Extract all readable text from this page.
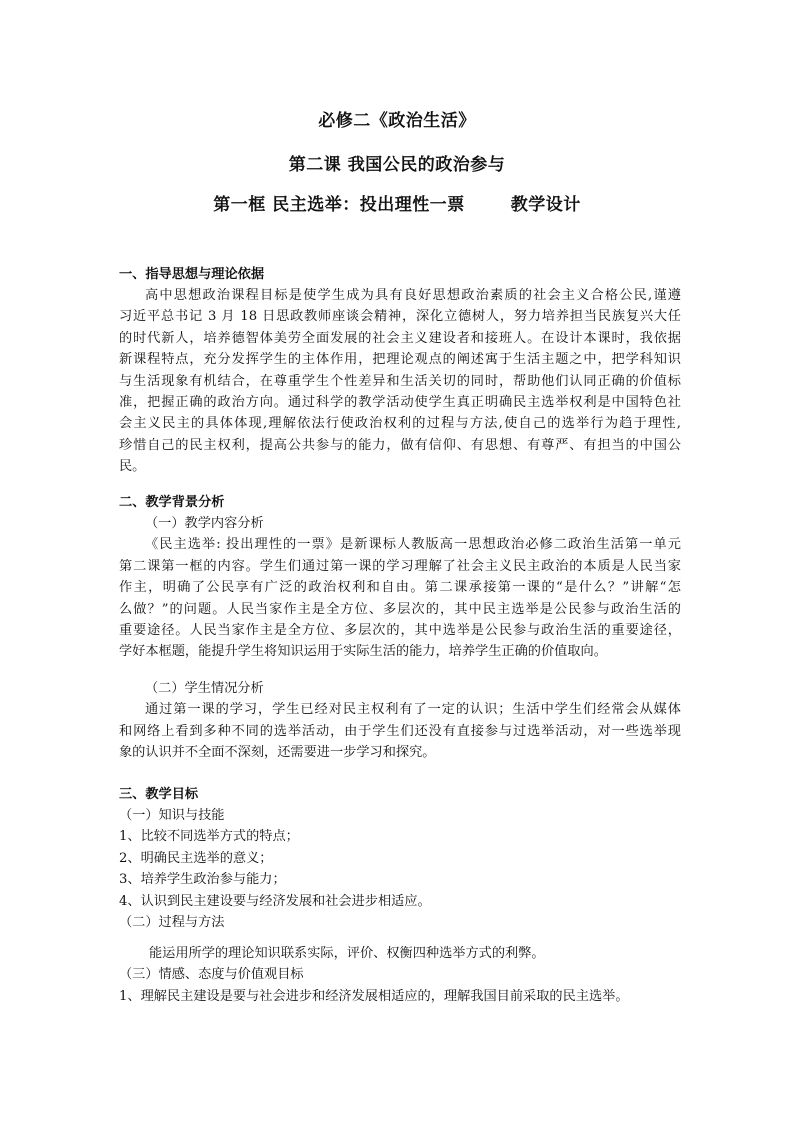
必修二《政治生活》
第二课 我国公民的政治参与
第一框 民主选举：投出理性一票	教学设计
一、指导思想与理论依据
高中思想政治课程目标是使学生成为具有良好思想政治素质的社会主义合格公民,谨遵
习近平总书记 3 月 18 日思政教师座谈会精神，深化立德树人，努力培养担当民族复兴大任
的时代新人，培养德智体美劳全面发展的社会主义建设者和接班人。在设计本课时，我依据
新课程特点，充分发挥学生的主体作用，把理论观点的阐述寓于生活主题之中，把学科知识
与生活现象有机结合，在尊重学生个性差异和生活关切的同时，帮助他们认同正确的价值标
准，把握正确的政治方向。通过科学的教学活动使学生真正明确民主选举权利是中国特色社
会主义民主的具体体现,理解依法行使政治权利的过程与方法,使自己的选举行为趋于理性,
珍惜自己的民主权利，提高公共参与的能力，做有信仰、有思想、有尊严、有担当的中国公
民。
二、教学背景分析
（一）教学内容分析
《民主选举: 投出理性的一票》是新课标人教版高一思想政治必修二政治生活第一单元
第二课第一框的内容。学生们通过第一课的学习理解了社会主义民主政治的本质是人民当家
作主，明确了公民享有广泛的政治权利和自由。第二课承接第一课的“是什么？”讲解“怎
么做？”的问题。人民当家作主是全方位、多层次的，其中民主选举是公民参与政治生活的
重要途径。人民当家作主是全方位、多层次的，其中选举是公民参与政治生活的重要途径，
学好本框题，能提升学生将知识运用于实际生活的能力，培养学生正确的价值取向。
（二）学生情况分析
通过第一课的学习，学生已经对民主权利有了一定的认识；生活中学生们经常会从媒体
和网络上看到多种不同的选举活动，由于学生们还没有直接参与过选举活动，对一些选举现
象的认识并不全面不深刻，还需要进一步学习和探究。
三、教学目标
（一）知识与技能
1、比较不同选举方式的特点；
2、明确民主选举的意义；
3、培养学生政治参与能力；
4、认识到民主建设要与经济发展和社会进步相适应。
（二）过程与方法
能运用所学的理论知识联系实际，评价、权衡四种选举方式的利弊。
（三）情感、态度与价值观目标
1、理解民主建设是要与社会进步和经济发展相适应的，理解我国目前采取的民主选举。
